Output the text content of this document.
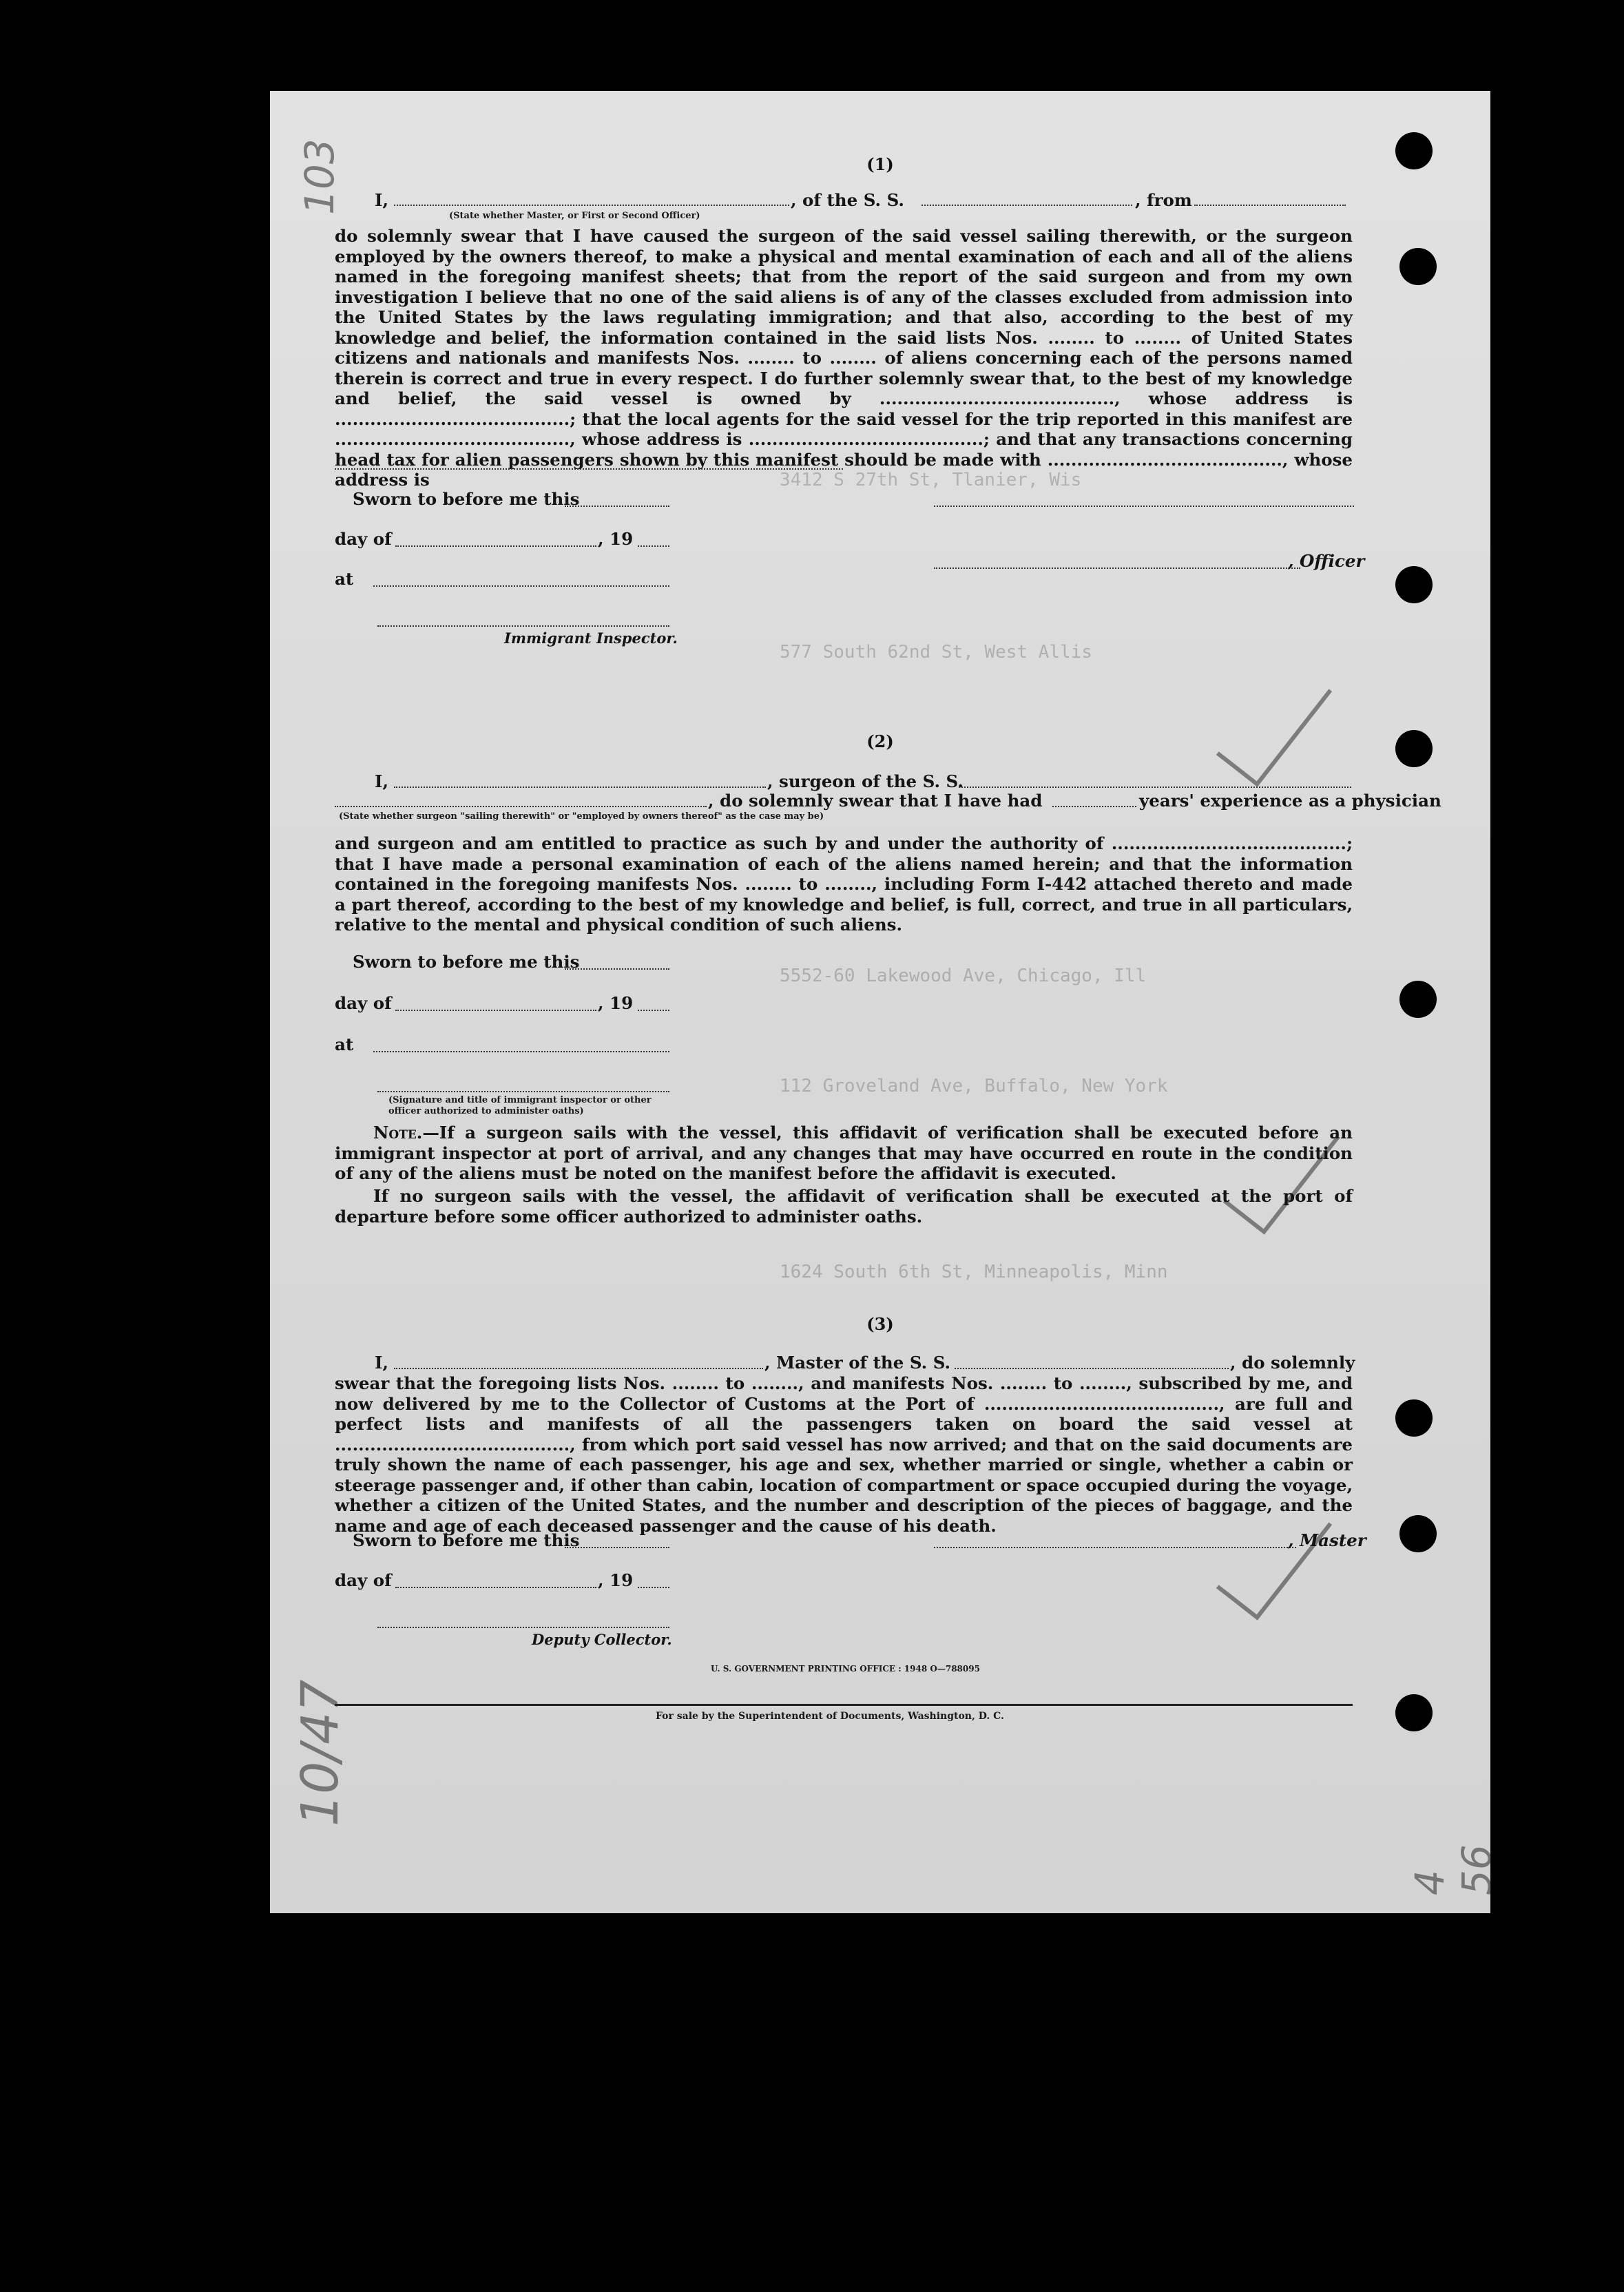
3412 S 27th St, Tlanier, Wis
577 South 62nd St, West Allis
5552-60 Lakewood Ave, Chicago, Ill
112 Groveland Ave, Buffalo, New York
1624 South 6th St, Minneapolis, Minn
103
10/47
4 56
(1)
I,	, of the S. S.	, from
(State whether Master, or First or Second Officer)
do solemnly swear that I have caused the surgeon of the said vessel sailing therewith, or the surgeon employed by the owners thereof, to make a physical and mental examination of each and all of the aliens named in the foregoing manifest sheets; that from the report of the said surgeon and from my own investigation I believe that no one of the said aliens is of any of the classes excluded from admission into the United States by the laws regulating immigration; and that also, according to the best of my knowledge and belief, the information contained in the said lists Nos. ........ to ........ of United States citizens and nationals and manifests Nos. ........ to ........ of aliens concerning each of the persons named therein is correct and true in every respect. I do further solemnly swear that, to the best of my knowledge and belief, the said vessel is owned by ........................................, whose address is ........................................; that the local agents for the said vessel for the trip reported in this manifest are ........................................, whose address is ........................................; and that any transactions concerning head tax for alien passengers shown by this manifest should be made with ........................................, whose address is
Sworn to before me this
day of	, 19
, Officer
at
Immigrant Inspector.
(2)
I,	, surgeon of the S. S.
, do solemnly swear that I have had	years' experience as a physician
(State whether surgeon "sailing therewith" or "employed by owners thereof" as the case may be)
and surgeon and am entitled to practice as such by and under the authority of ........................................; that I have made a personal examination of each of the aliens named herein; and that the information contained in the foregoing manifests Nos. ........ to ........, including Form I-442 attached thereto and made a part thereof, according to the best of my knowledge and belief, is full, correct, and true in all particulars, relative to the mental and physical condition of such aliens.
Sworn to before me this
day of	, 19
at
(Signature and title of immigrant inspector or other officer authorized to administer oaths)
Note.—If a surgeon sails with the vessel, this affidavit of verification shall be executed before an immigrant inspector at port of arrival, and any changes that may have occurred en route in the condition of any of the aliens must be noted on the manifest before the affidavit is executed.
If no surgeon sails with the vessel, the affidavit of verification shall be executed at the port of departure before some officer authorized to administer oaths.
(3)
I,	, Master of the S. S.	, do solemnly
swear that the foregoing lists Nos. ........ to ........, and manifests Nos. ........ to ........, subscribed by me, and now delivered by me to the Collector of Customs at the Port of ........................................, are full and perfect lists and manifests of all the passengers taken on board the said vessel at ........................................, from which port said vessel has now arrived; and that on the said documents are truly shown the name of each passenger, his age and sex, whether married or single, whether a cabin or steerage passenger and, if other than cabin, location of compartment or space occupied during the voyage, whether a citizen of the United States, and the number and description of the pieces of baggage, and the name and age of each deceased passenger and the cause of his death.
Sworn to before me this	, Master
day of	, 19
Deputy Collector.
U. S. GOVERNMENT PRINTING OFFICE : 1948 O—788095
For sale by the Superintendent of Documents, Washington, D. C.
